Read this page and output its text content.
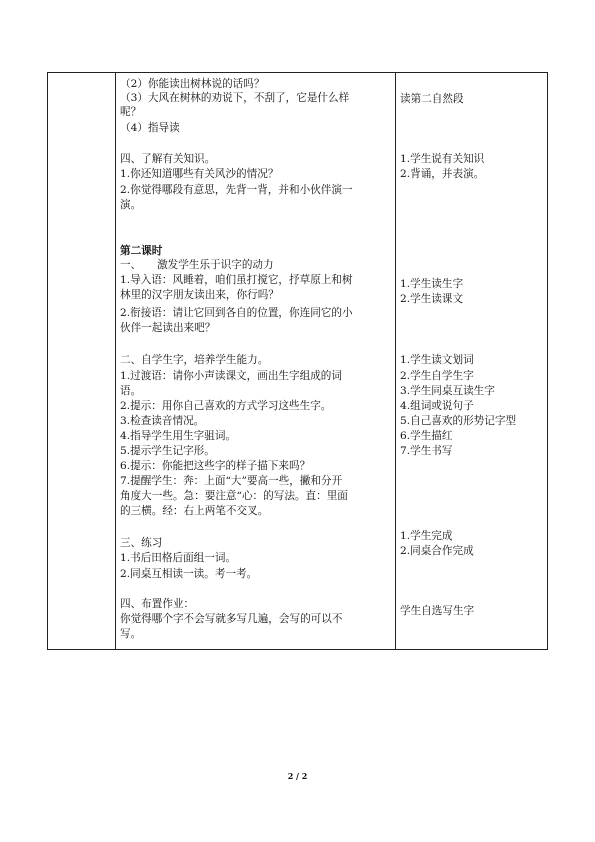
（2）你能读出树林说的话吗？
（3）大风在树林的劝说下，不刮了，它是什么样
呢？
（4）指导读
四、了解有关知识。
1.你还知道哪些有关风沙的情况？
2.你觉得哪段有意思，先背一背，并和小伙伴演一
演。
第二课时
一、　　激发学生乐于识字的动力
1.导入语：风睡着，咱们虽打搅它，抒草原上和树
林里的汉字朋友读出来，你行吗？
2.衔接语：请让它回到各自的位置，你连同它的小
伙伴一起读出来吧？
二、自学生字，培养学生能力。
1.过渡语：请你小声读课文，画出生字组成的词
语。
2.提示：用你自己喜欢的方式学习这些生字。
3.检查读音情况。
4.指导学生用生字驵词。
5.提示学生记字形。
6.提示：你能把这些字的样子描下来吗？
7.提醒学生：奔：上面“大”要高一些，撇和分开
角度大一些。急：要注意“心：的写法。直：里面
的三横。经：右上两笔不交叉。
三、练习
1.书后田格后面组一词。
2.同桌互相读一读。考一考。
四、布置作业：
你觉得哪个字不会写就多写几遍，会写的可以不
写。
读第二自然段
1.学生说有关知识
2.背诵，并表演。
1.学生读生字
2.学生读课文
1.学生读文划词
2.学生自学生字
3.学生同桌互读生字
4.组词或说句子
5.自己喜欢的形势记字型
6.学生描红
7.学生书写
1.学生完成
2.同桌合作完成
学生自选写生字
2 / 2
